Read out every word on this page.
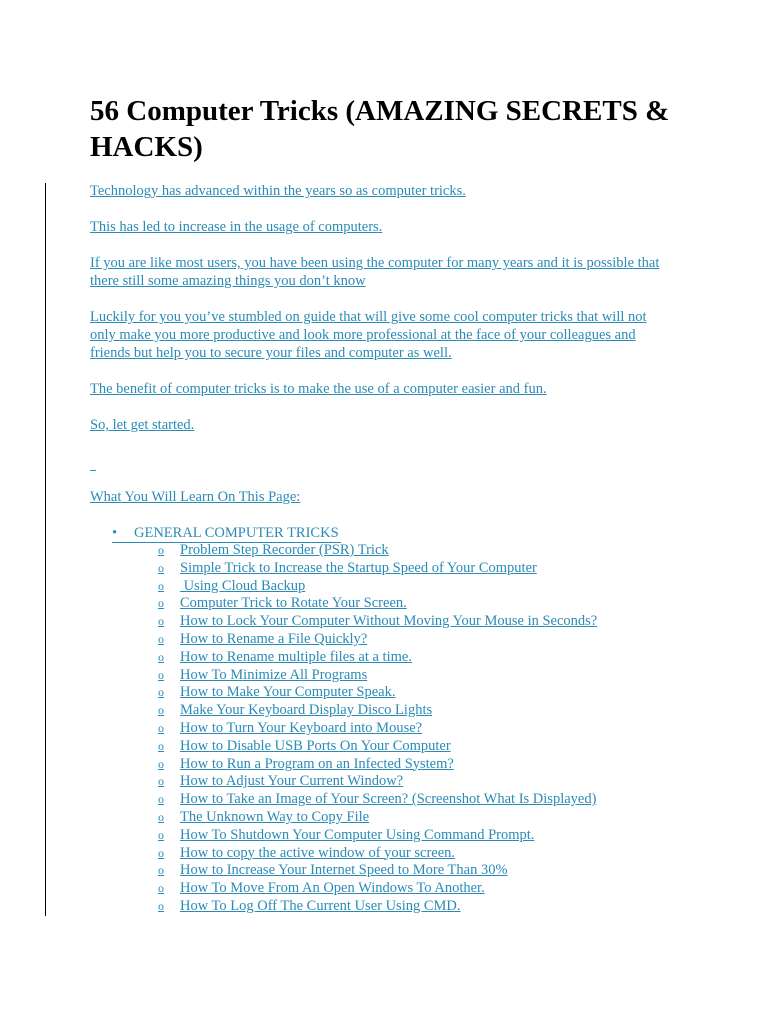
56 Computer Tricks (AMAZING SECRETS & HACKS)

Technology has advanced within the years so as computer tricks.

This has led to increase in the usage of computers.

If you are like most users, you have been using the computer for many years and it is possible that there still some amazing things you don’t know

Luckily for you you’ve stumbled on guide that will give some cool computer tricks that will not only make you more productive and look more professional at the face of your colleagues and friends but help you to secure your files and computer as well.

The benefit of computer tricks is to make the use of a computer easier and fun.

So, let get started.

What You Will Learn On This Page:
• GENERAL COMPUTER TRICKS
o Problem Step Recorder (PSR) Trick
o Simple Trick to Increase the Startup Speed of Your Computer
o Using Cloud Backup
o Computer Trick to Rotate Your Screen.
o How to Lock Your Computer Without Moving Your Mouse in Seconds?
o How to Rename a File Quickly?
o How to Rename multiple files at a time.
o How To Minimize All Programs
o How to Make Your Computer Speak.
o Make Your Keyboard Display Disco Lights
o How to Turn Your Keyboard into Mouse?
o How to Disable USB Ports On Your Computer
o How to Run a Program on an Infected System?
o How to Adjust Your Current Window?
o How to Take an Image of Your Screen? (Screenshot What Is Displayed)
o The Unknown Way to Copy File
o How To Shutdown Your Computer Using Command Prompt.
o How to copy the active window of your screen.
o How to Increase Your Internet Speed to More Than 30%
o How To Move From An Open Windows To Another.
o How To Log Off The Current User Using CMD.
